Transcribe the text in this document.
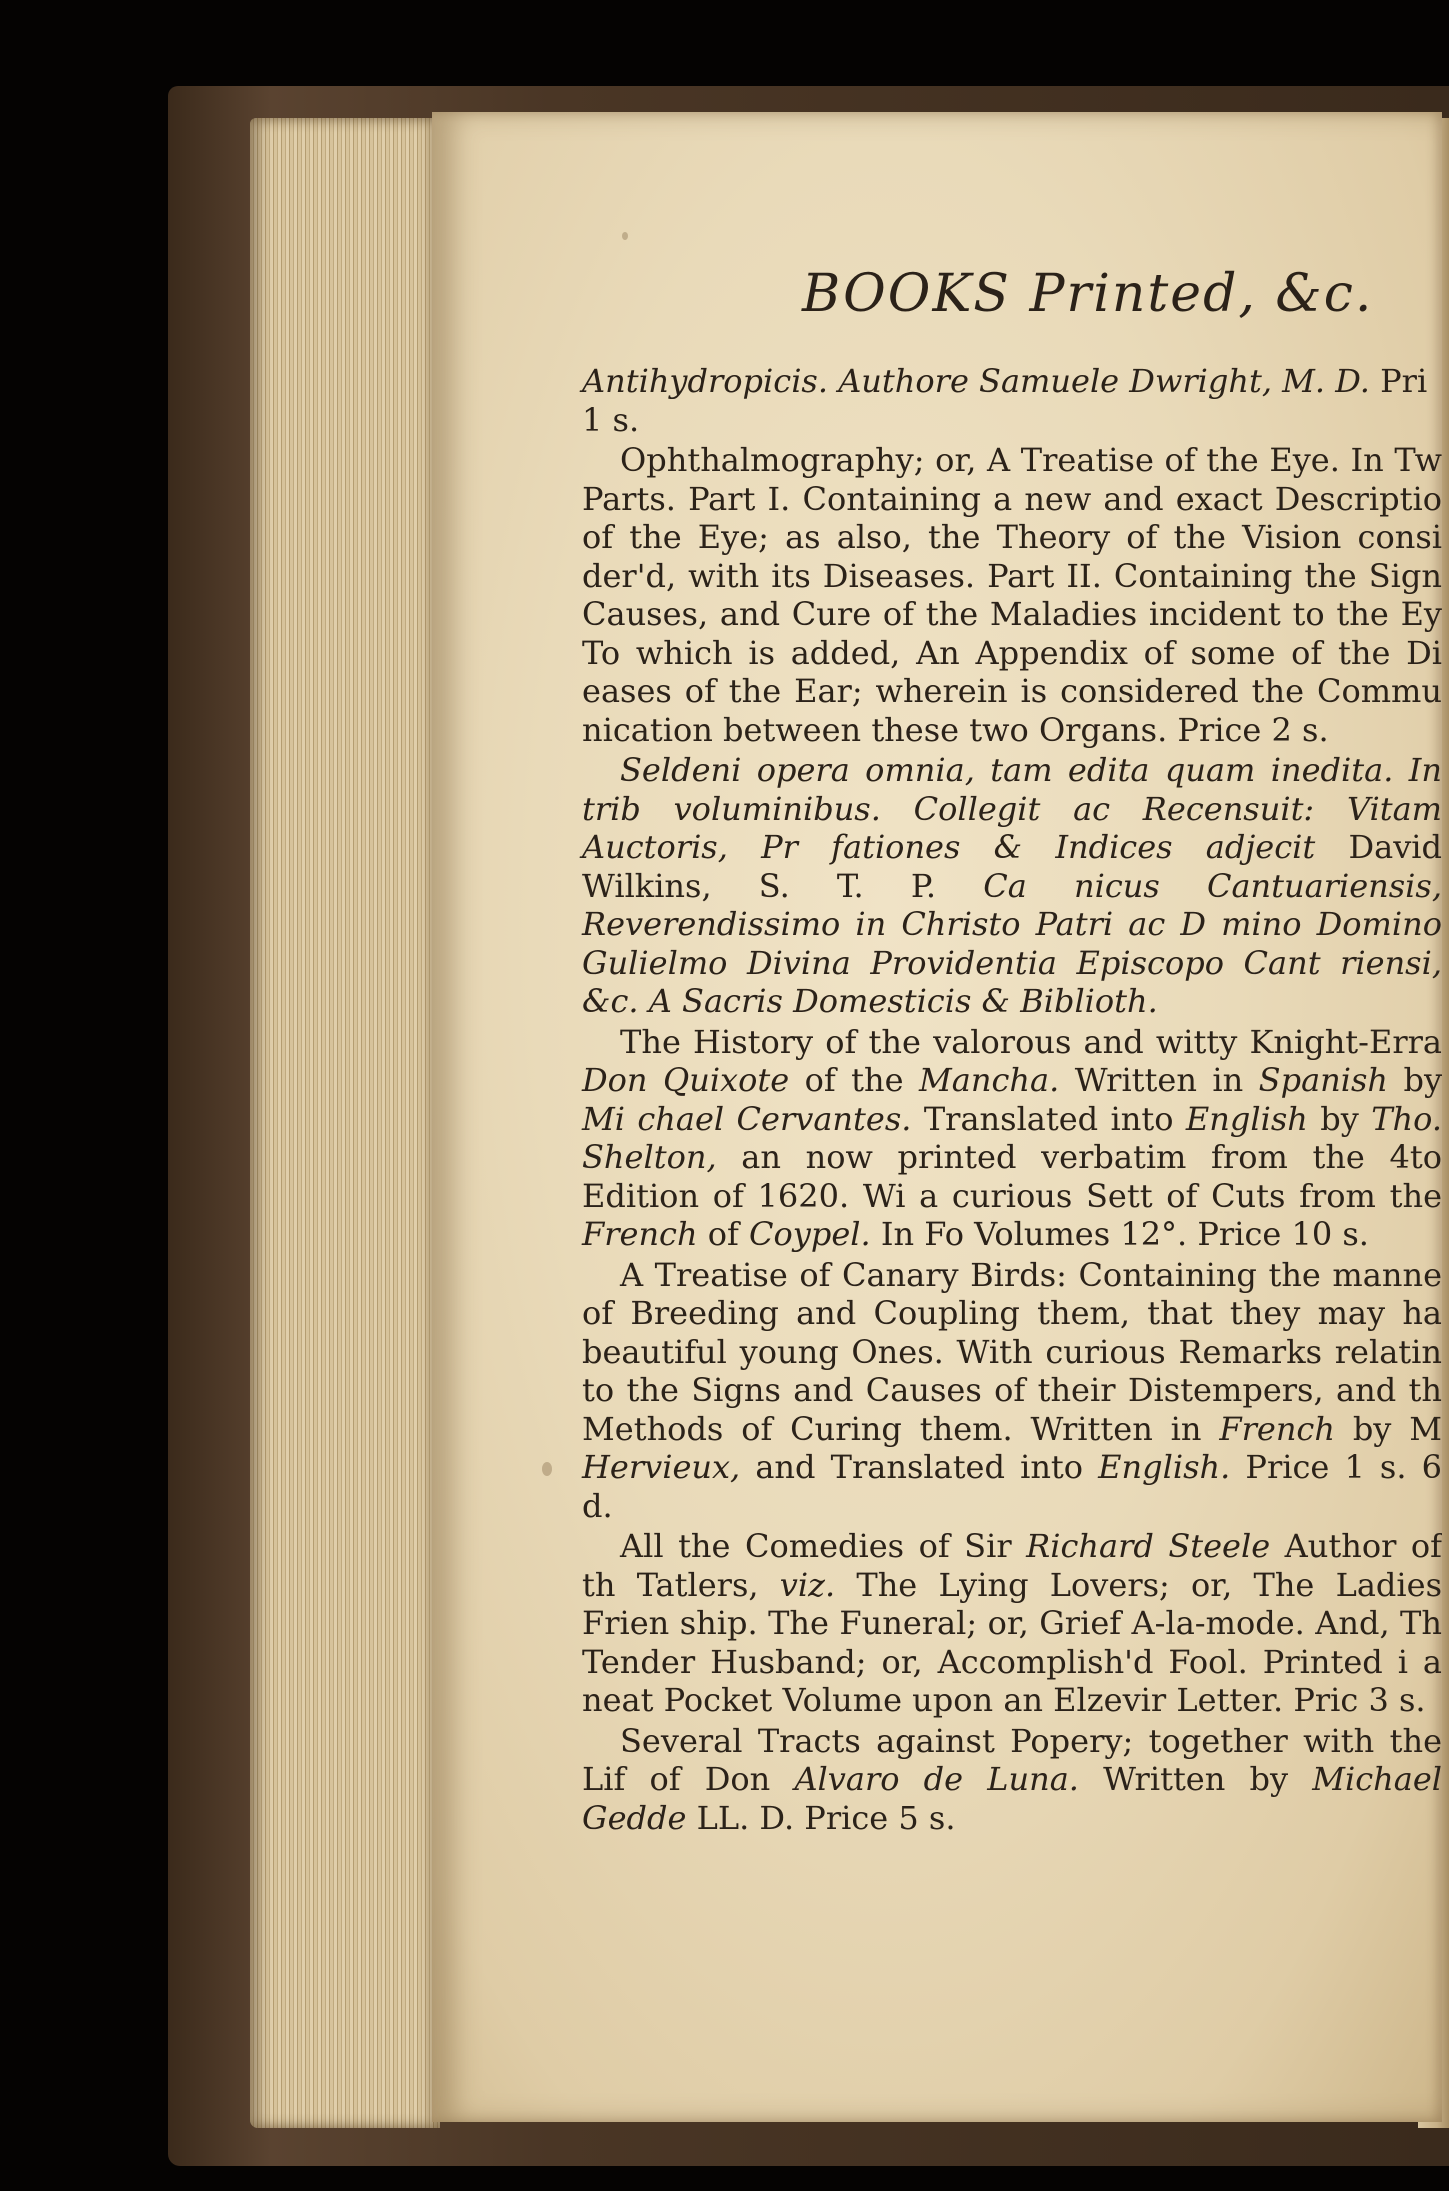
BOOKS Printed, &c.

Antihydropicis. Authore Samuele Dwright, M. D. Pri
1 s.

Ophthalmography; or, A Treatise of the Eye. In Tw Parts. Part I. Containing a new and exact Descriptio of the Eye; as also, the Theory of the Vision consi der'd, with its Diseases. Part II. Containing the Sign Causes, and Cure of the Maladies incident to the Ey To which is added, An Appendix of some of the Di eases of the Ear; wherein is considered the Commu nication between these two Organs. Price 2 s.

Seldeni opera omnia, tam edita quam inedita. In trib voluminibus. Collegit ac Recensuit: Vitam Auctoris, Pr fationes & Indices adjecit David Wilkins, S. T. P. Ca nicus Cantuariensis, Reverendissimo in Christo Patri ac D mino Domino Gulielmo Divina Providentia Episcopo Cant riensi, &c. A Sacris Domesticis & Biblioth.

The History of the valorous and witty Knight-Erra Don Quixote of the Mancha. Written in Spanish by Mi chael Cervantes. Translated into English by Tho. Shelton, an now printed verbatim from the 4to Edition of 1620. Wi a curious Sett of Cuts from the French of Coypel. In Fo Volumes 12°. Price 10 s.

A Treatise of Canary Birds: Containing the manne of Breeding and Coupling them, that they may ha beautiful young Ones. With curious Remarks relatin to the Signs and Causes of their Distempers, and th Methods of Curing them. Written in French by M Hervieux, and Translated into English. Price 1 s. 6 d.

All the Comedies of Sir Richard Steele Author of th Tatlers, viz. The Lying Lovers; or, The Ladies Frien ship. The Funeral; or, Grief A-la-mode. And, Th Tender Husband; or, Accomplish'd Fool. Printed i a neat Pocket Volume upon an Elzevir Letter. Pric 3 s.

Several Tracts against Popery; together with the Lif of Don Alvaro de Luna. Written by Michael Gedde LL. D. Price 5 s.
